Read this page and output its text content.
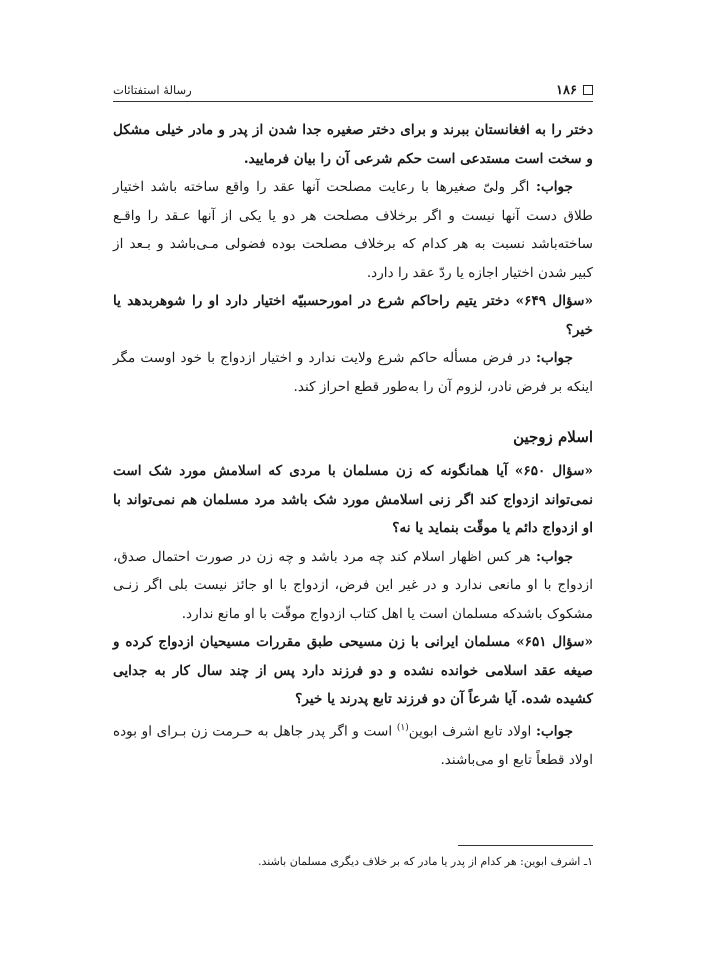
۱۸۶
رسالهٔ استفتائات

دختر را به افغانستان ببرند و برای دختر صغیره جدا شدن از پدر و مادر خیلی مشکل و سخت است مستدعی است حکم شرعی آن را بیان فرمایید.

جواب: اگر ولیّ صغیرها با رعایت مصلحت آنها عقد را واقع ساخته باشد اختیار طلاق دست آنها نیست و اگر برخلاف مصلحت هر دو یا یکی از آنها عـقد را واقـع ساخته‌باشد نسبت به هر کدام که برخلاف مصلحت بوده فضولی مـی‌باشد و بـعد از کبیر شدن اختیار اجازه یا ردّ عقد را دارد.

«سؤال ۶۴۹» دختر یتیم راحاکم شرع در امورحسبیّه اختیار دارد او را شوهربدهد یا خیر؟

جواب: در فرض مسأله حاکم شرع ولایت ندارد و اختیار ازدواج با خود اوست مگر اینکه بر فرض نادر، لزوم آن را به‌طور قطع احراز کند.

اسلام زوجین

«سؤال ۶۵۰» آیا همانگونه که زن مسلمان با مردی که اسلامش مورد شک است نمی‌تواند ازدواج کند اگر زنی اسلامش مورد شک باشد مرد مسلمان هم نمی‌تواند با او ازدواج دائم یا موقّت بنماید یا نه؟

جواب: هر کس اظهار اسلام کند چه مرد باشد و چه زن در صورت احتمال صدق، ازدواج با او مانعی ندارد و در غیر این فرض، ازدواج با او جائز نیست بلی اگر زنـی مشکوک باشدکه مسلمان است یا اهل کتاب ازدواج موقّت با او مانع ندارد.

«سؤال ۶۵۱» مسلمان ایرانی با زن مسیحی طبق مقررات مسیحیان ازدواج کرده و صیغه عقد اسلامی خوانده نشده و دو فرزند دارد پس از چند سال کار به جدایی کشیده شده. آیا شرعاً آن دو فرزند تابع پدرند یا خیر؟

جواب: اولاد تابع اشرف ابوین$^{(۱)}$ است و اگر پدر جاهل به حـرمت زن بـرای او بوده اولاد قطعاً تابع او می‌باشند.

۱ـ اشرف ابوین: هر کدام از پدر یا مادر که بر خلاف دیگری مسلمان باشند.
